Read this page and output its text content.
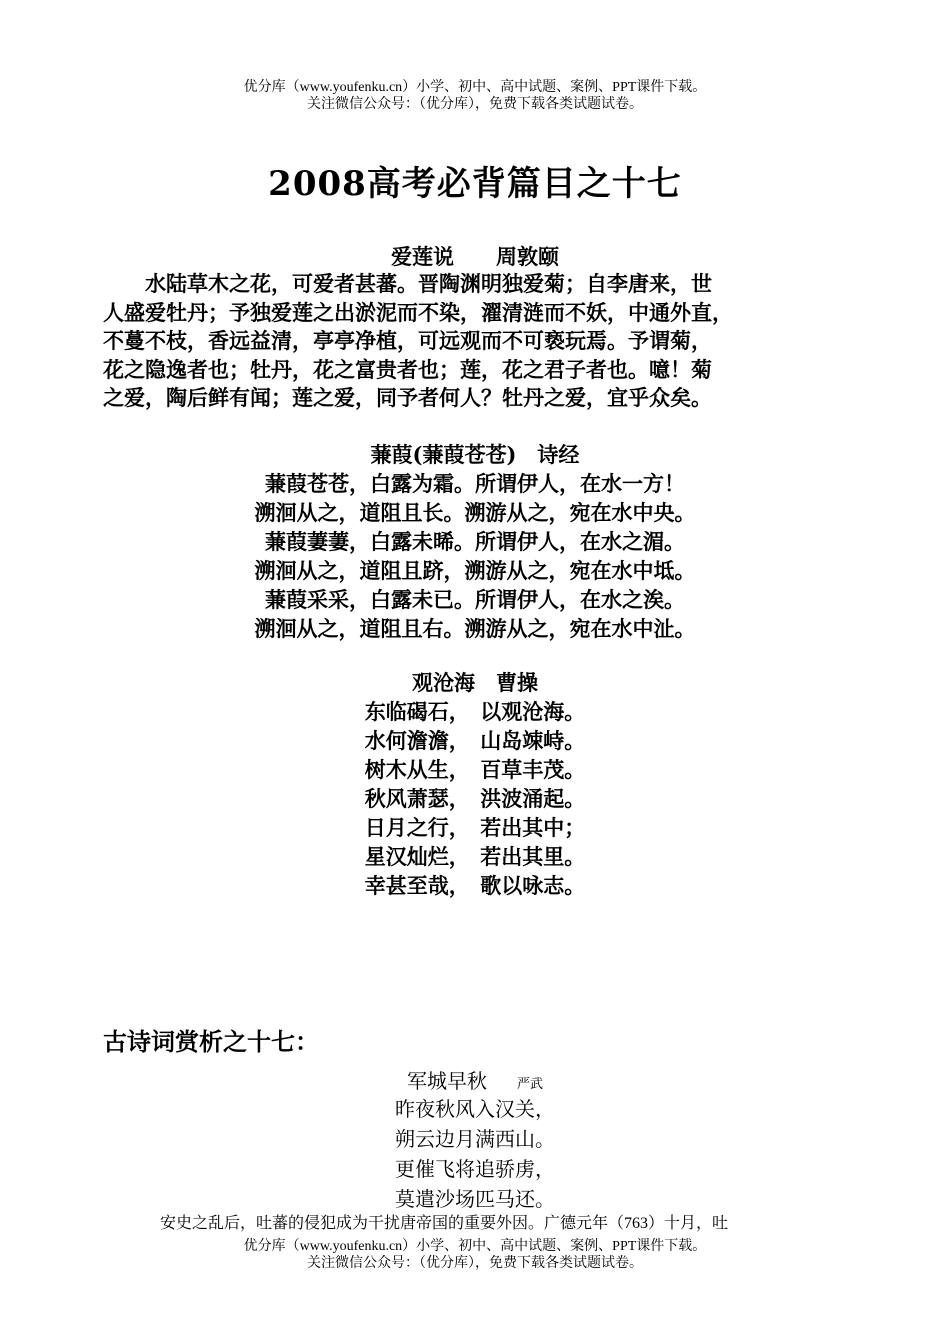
优分库（www.youfenku.cn）小学、初中、高中试题、案例、PPT课件下载。
关注微信公众号：（优分库），免费下载各类试题试卷。
2008高考必背篇目之十七
爱莲说　　周敦颐
　　水陆草木之花，可爱者甚蕃。晋陶渊明独爱菊；自李唐来，世
人盛爱牡丹；予独爱莲之出淤泥而不染，濯清涟而不妖，中通外直，
不蔓不枝，香远益清，亭亭净植，可远观而不可亵玩焉。予谓菊，
花之隐逸者也；牡丹，花之富贵者也；莲，花之君子者也。噫！菊
之爱，陶后鲜有闻；莲之爱，同予者何人？牡丹之爱，宜乎众矣。
蒹葭(蒹葭苍苍)　诗经
蒹葭苍苍，白露为霜。所谓伊人，在水一方！
溯洄从之，道阻且长。溯游从之，宛在水中央。
蒹葭萋萋，白露未晞。所谓伊人，在水之湄。
溯洄从之，道阻且跻，溯游从之，宛在水中坻。
蒹葭采采，白露未已。所谓伊人，在水之涘。
溯洄从之，道阻且右。溯游从之，宛在水中沚。
观沧海　曹操
东临碣石，　以观沧海。
水何澹澹，　山岛竦峙。
树木从生，　百草丰茂。
秋风萧瑟，　洪波涌起。
日月之行，　若出其中；
星汉灿烂，　若出其里。
幸甚至哉，　歌以咏志。
古诗词赏析之十七：
军城早秋 严武
昨夜秋风入汉关，
朔云边月满西山。
更催飞将追骄虏，
莫遣沙场匹马还。
安史之乱后，吐蕃的侵犯成为干扰唐帝国的重要外因。广德元年（763）十月，吐
优分库（www.youfenku.cn）小学、初中、高中试题、案例、PPT课件下载。
关注微信公众号：（优分库），免费下载各类试题试卷。
